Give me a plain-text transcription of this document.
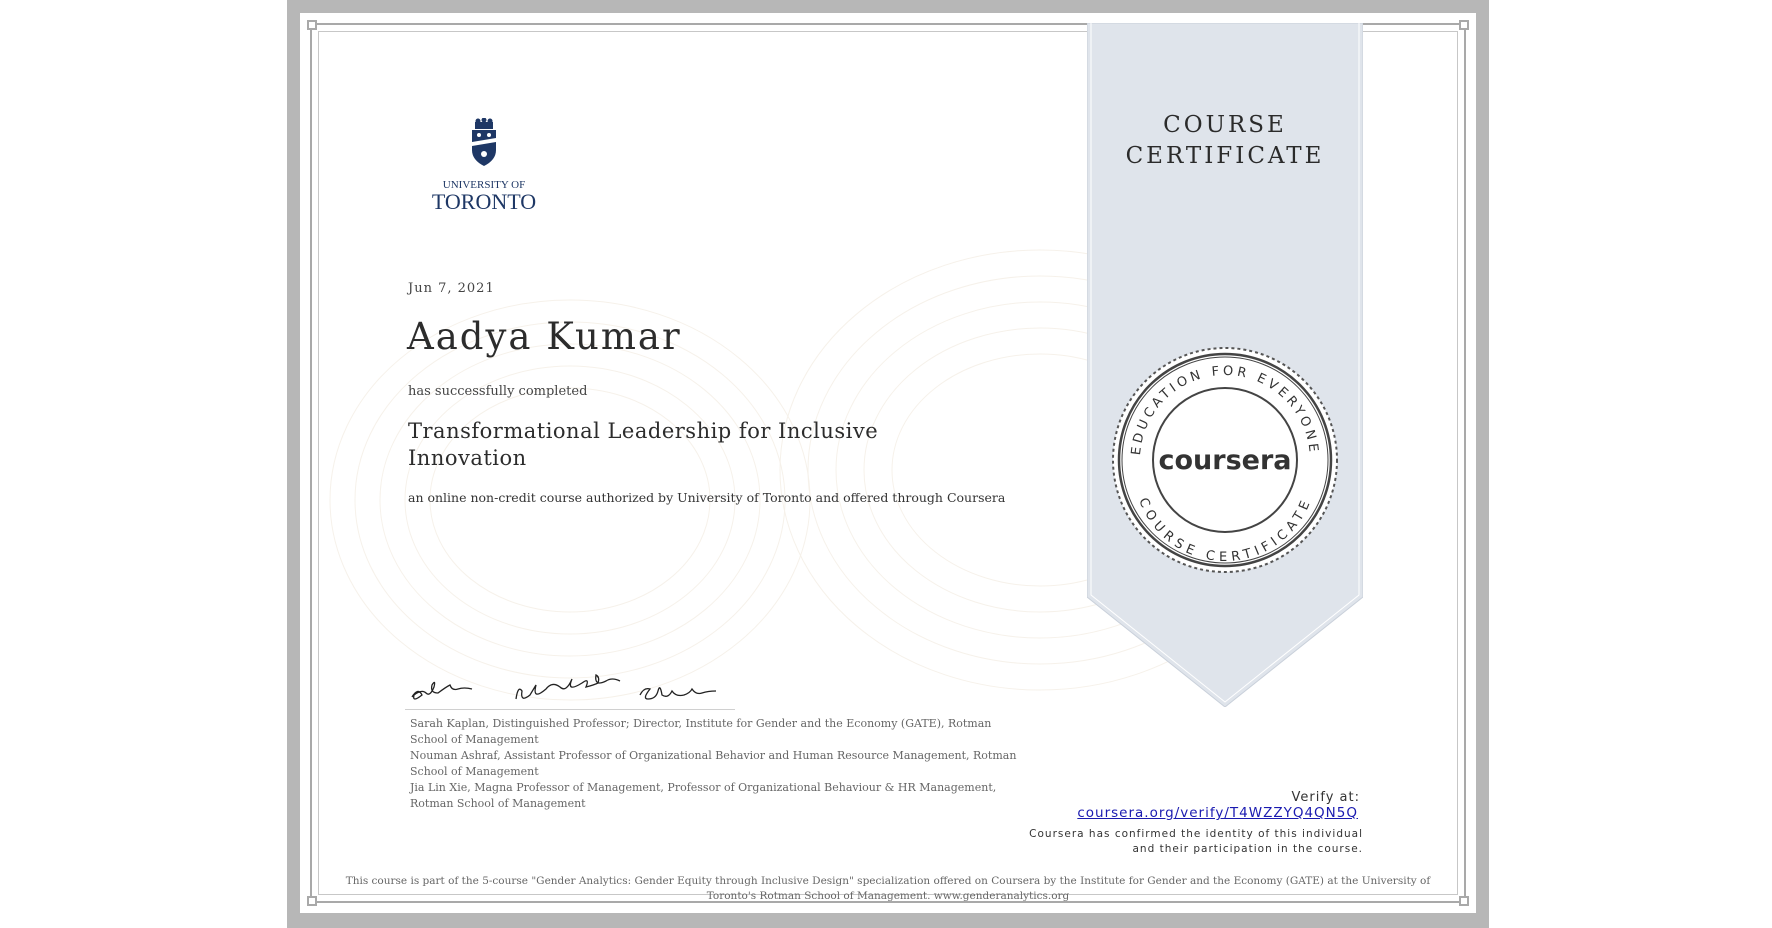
COURSE
CERTIFICATE
EDUCATION FOR EVERYONE
COURSE CERTIFICATE
coursera
UNIVERSITY OF
TORONTO
Jun 7, 2021
Aadya Kumar
has successfully completed
Transformational Leadership for Inclusive Innovation
an online non-credit course authorized by University of Toronto and offered through Coursera
Sarah Kaplan, Distinguished Professor; Director, Institute for Gender and the Economy (GATE), Rotman School of Management
Nouman Ashraf, Assistant Professor of Organizational Behavior and Human Resource Management, Rotman School of Management
Jia Lin Xie, Magna Professor of Management, Professor of Organizational Behaviour & HR Management, Rotman School of Management	Verify at:
coursera.org/verify/T4WZZYQ4QN5Q
Coursera has confirmed the identity of this individual and their participation in the course.
This course is part of the 5-course "Gender Analytics: Gender Equity through Inclusive Design" specialization offered on Coursera by the Institute for Gender and the Economy (GATE) at the University of Toronto's Rotman School of Management. www.genderanalytics.org
